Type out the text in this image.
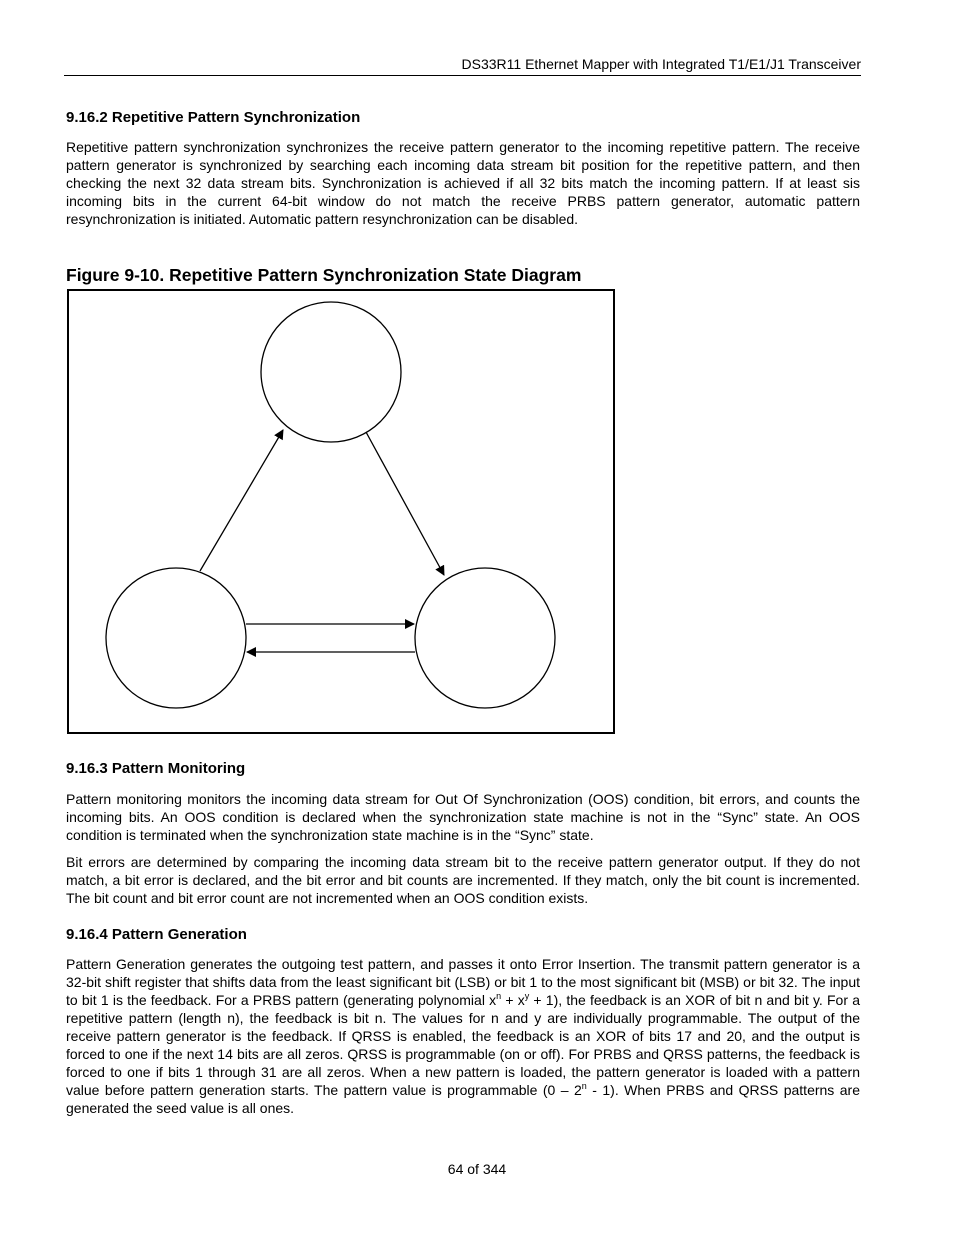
DS33R11 Ethernet Mapper with Integrated T1/E1/J1 Transceiver
9.16.2 Repetitive Pattern Synchronization

Repetitive pattern synchronization synchronizes the receive pattern generator to the incoming repetitive pattern. The receive pattern generator is synchronized by searching each incoming data stream bit position for the repetitive pattern, and then checking the next 32 data stream bits. Synchronization is achieved if all 32 bits match the incoming pattern. If at least sis incoming bits in the current 64-bit window do not match the receive PRBS pattern generator, automatic pattern resynchronization is initiated. Automatic pattern resynchronization can be disabled.

Figure 9-10. Repetitive Pattern Synchronization State Diagram
9.16.3 Pattern Monitoring

Pattern monitoring monitors the incoming data stream for Out Of Synchronization (OOS) condition, bit errors, and counts the incoming bits. An OOS condition is declared when the synchronization state machine is not in the “Sync” state. An OOS condition is terminated when the synchronization state machine is in the “Sync” state.

Bit errors are determined by comparing the incoming data stream bit to the receive pattern generator output. If they do not match, a bit error is declared, and the bit error and bit counts are incremented. If they match, only the bit count is incremented. The bit count and bit error count are not incremented when an OOS condition exists.

9.16.4 Pattern Generation

Pattern Generation generates the outgoing test pattern, and passes it onto Error Insertion. The transmit pattern generator is a 32-bit shift register that shifts data from the least significant bit (LSB) or bit 1 to the most significant bit (MSB) or bit 32. The input to bit 1 is the feedback. For a PRBS pattern (generating polynomial $x^n + x^y + 1$), the feedback is an XOR of bit n and bit y. For a repetitive pattern (length n), the feedback is bit n. The values for n and y are individually programmable. The output of the receive pattern generator is the feedback. If QRSS is enabled, the feedback is an XOR of bits 17 and 20, and the output is forced to one if the next 14 bits are all zeros. QRSS is programmable (on or off). For PRBS and QRSS patterns, the feedback is forced to one if bits 1 through 31 are all zeros. When a new pattern is loaded, the pattern generator is loaded with a pattern value before pattern generation starts. The pattern value is programmable (0 – 2$^n$ - 1). When PRBS and QRSS patterns are generated the seed value is all ones.

64 of 344
